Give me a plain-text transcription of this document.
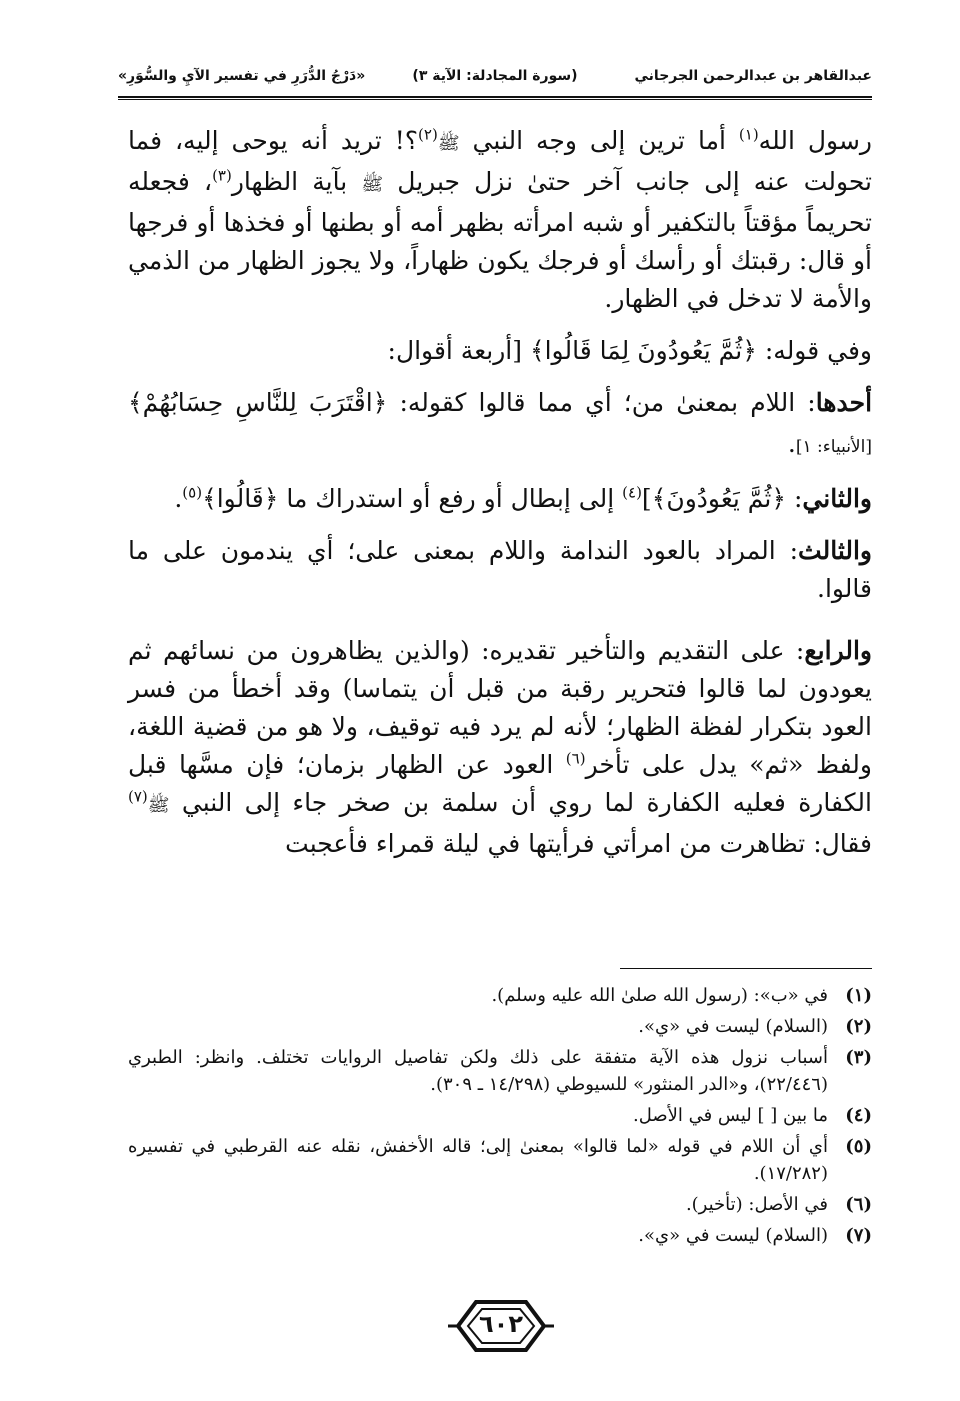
عبدالقاهر بن عبدالرحمن الجرجاني
(سورة المجادلة: الآية ٣)
«دَرْجُ الدُّرَرِ في تفسير الآيِ والسُّوَرِ»

رسول الله$^{(١)}$ أما ترين إلى وجه النبي ﷺ$^{(٢)}$؟! تريد أنه يوحى إليه، فما تحولت عنه إلى جانب آخر حتىٰ نزل جبريل ﷺ بآية الظهار$^{(٣)}$، فجعله تحريماً مؤقتاً بالتكفير أو شبه امرأته بظهر أمه أو بطنها أو فخذها أو فرجها أو قال: رقبتك أو رأسك أو فرجك يكون ظهاراً، ولا يجوز الظهار من الذمي والأمة لا تدخل في الظهار.

وفي قوله: ﴿ثُمَّ يَعُودُونَ لِمَا قَالُوا﴾ [أربعة أقوال:

أحدها: اللام بمعنىٰ من؛ أي مما قالوا كقوله: ﴿اقْتَرَبَ لِلنَّاسِ حِسَابُهُمْ﴾ [الأنبياء: ١].

والثاني: ﴿ثُمَّ يَعُودُونَ﴾]$^{(٤)}$ إلى إبطال أو رفع أو استدراك ما ﴿قَالُوا﴾$^{(٥)}$.

والثالث: المراد بالعود الندامة واللام بمعنى على؛ أي يندمون على ما قالوا.

والرابع: على التقديم والتأخير تقديره: (والذين يظاهرون من نسائهم ثم يعودون لما قالوا فتحرير رقبة من قبل أن يتماسا) وقد أخطأ من فسر العود بتكرار لفظة الظهار؛ لأنه لم يرد فيه توقيف، ولا هو من قضية اللغة، ولفظ «ثم» يدل على تأخر$^{(٦)}$ العود عن الظهار بزمان؛ فإن مسَّها قبل الكفارة فعليه الكفارة لما روي أن سلمة بن صخر جاء إلى النبي ﷺ$^{(٧)}$ فقال: تظاهرت من امرأتي فرأيتها في ليلة قمراء فأعجبت

(١)
في «ب»: (رسول الله صلىٰ الله عليه وسلم).
(٢)
(السلام) ليست في «ي».
(٣)
أسباب نزول هذه الآية متفقة على ذلك ولكن تفاصيل الروايات تختلف. وانظر: الطبري (٢٢/٤٤٦)، و«الدر المنثور» للسيوطي (١٤/٢٩٨ ـ ٣٠٩).
(٤)
ما بين [ ] ليس في الأصل.
(٥)
أي أن اللام في قوله «لما قالوا» بمعنىٰ إلى؛ قاله الأخفش، نقله عنه القرطبي في تفسيره (١٧/٢٨٢).
(٦)
في الأصل: (تأخير).
(٧)
(السلام) ليست في «ي».
٦٠٢
